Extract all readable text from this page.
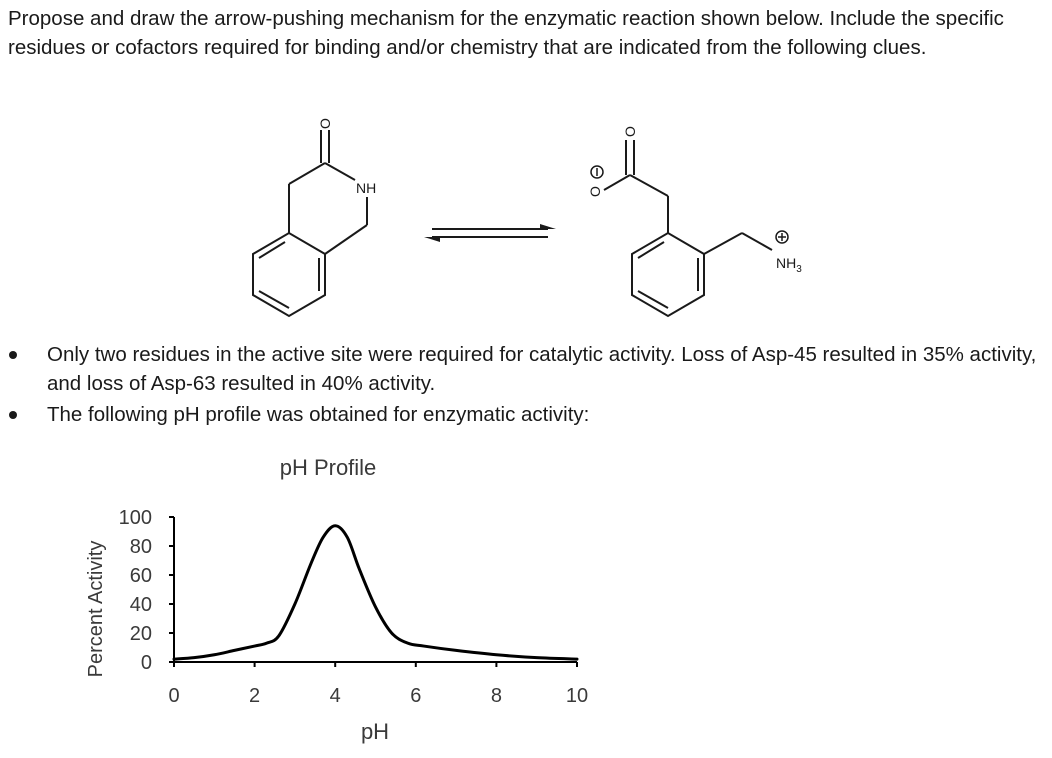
Propose and draw the arrow-pushing mechanism for the enzymatic reaction shown below. Include the specific residues or cofactors required for binding and/or chemistry that are indicated from the following clues.

O
NH
O
O
$NH_3$
Only two residues in the active site were required for catalytic activity. Loss of Asp-45 resulted in 35% activity, and loss of Asp-63 resulted in 40% activity.
The following pH profile was obtained for enzymatic activity:
pH Profile
Percent Activity
pH
0
20
40
60
80
100
0	2	4	6	8	10
